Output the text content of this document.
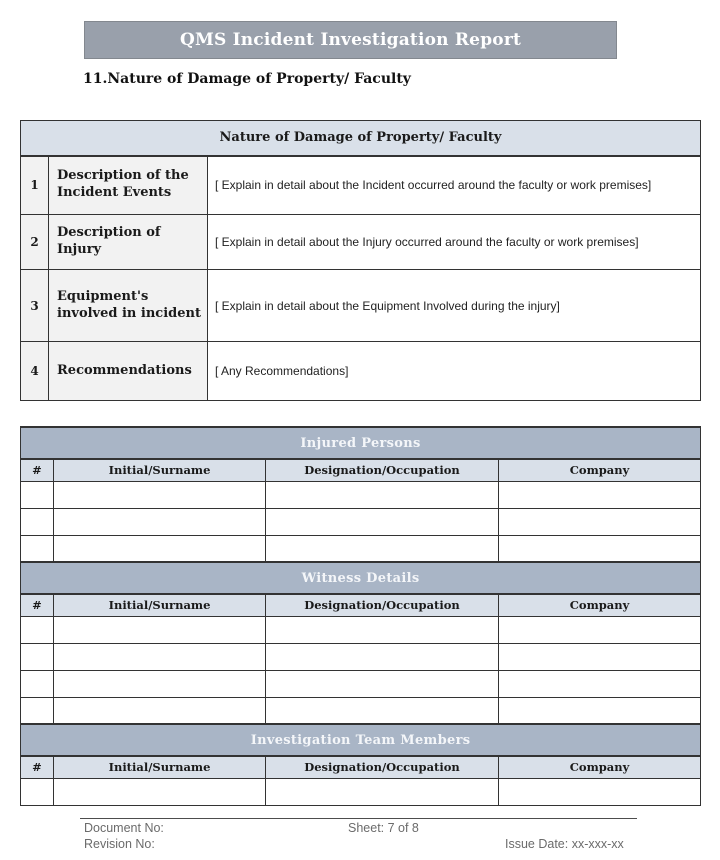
QMS Incident Investigation Report
11.Nature of Damage of Property/ Faculty
Nature of Damage of Property/ Faculty		
1	Description of the Incident Events	[ Explain in detail about the Incident occurred around the faculty or work premises]
2	Description of Injury	[ Explain in detail about the Injury occurred around the faculty or work premises]
3	Equipment's involved in incident	[ Explain in detail about the Equipment Involved during the injury]
4	Recommendations	[ Any Recommendations]
Injured Persons			
#	Initial/Surname	Designation/Occupation	Company

Witness Details			
#	Initial/Surname	Designation/Occupation	Company

Investigation Team Members			
#	Initial/Surname	Designation/Occupation	Company

Document No:	Sheet: 7 of 8
Revision No:	Issue Date: xx-xxx-xx
